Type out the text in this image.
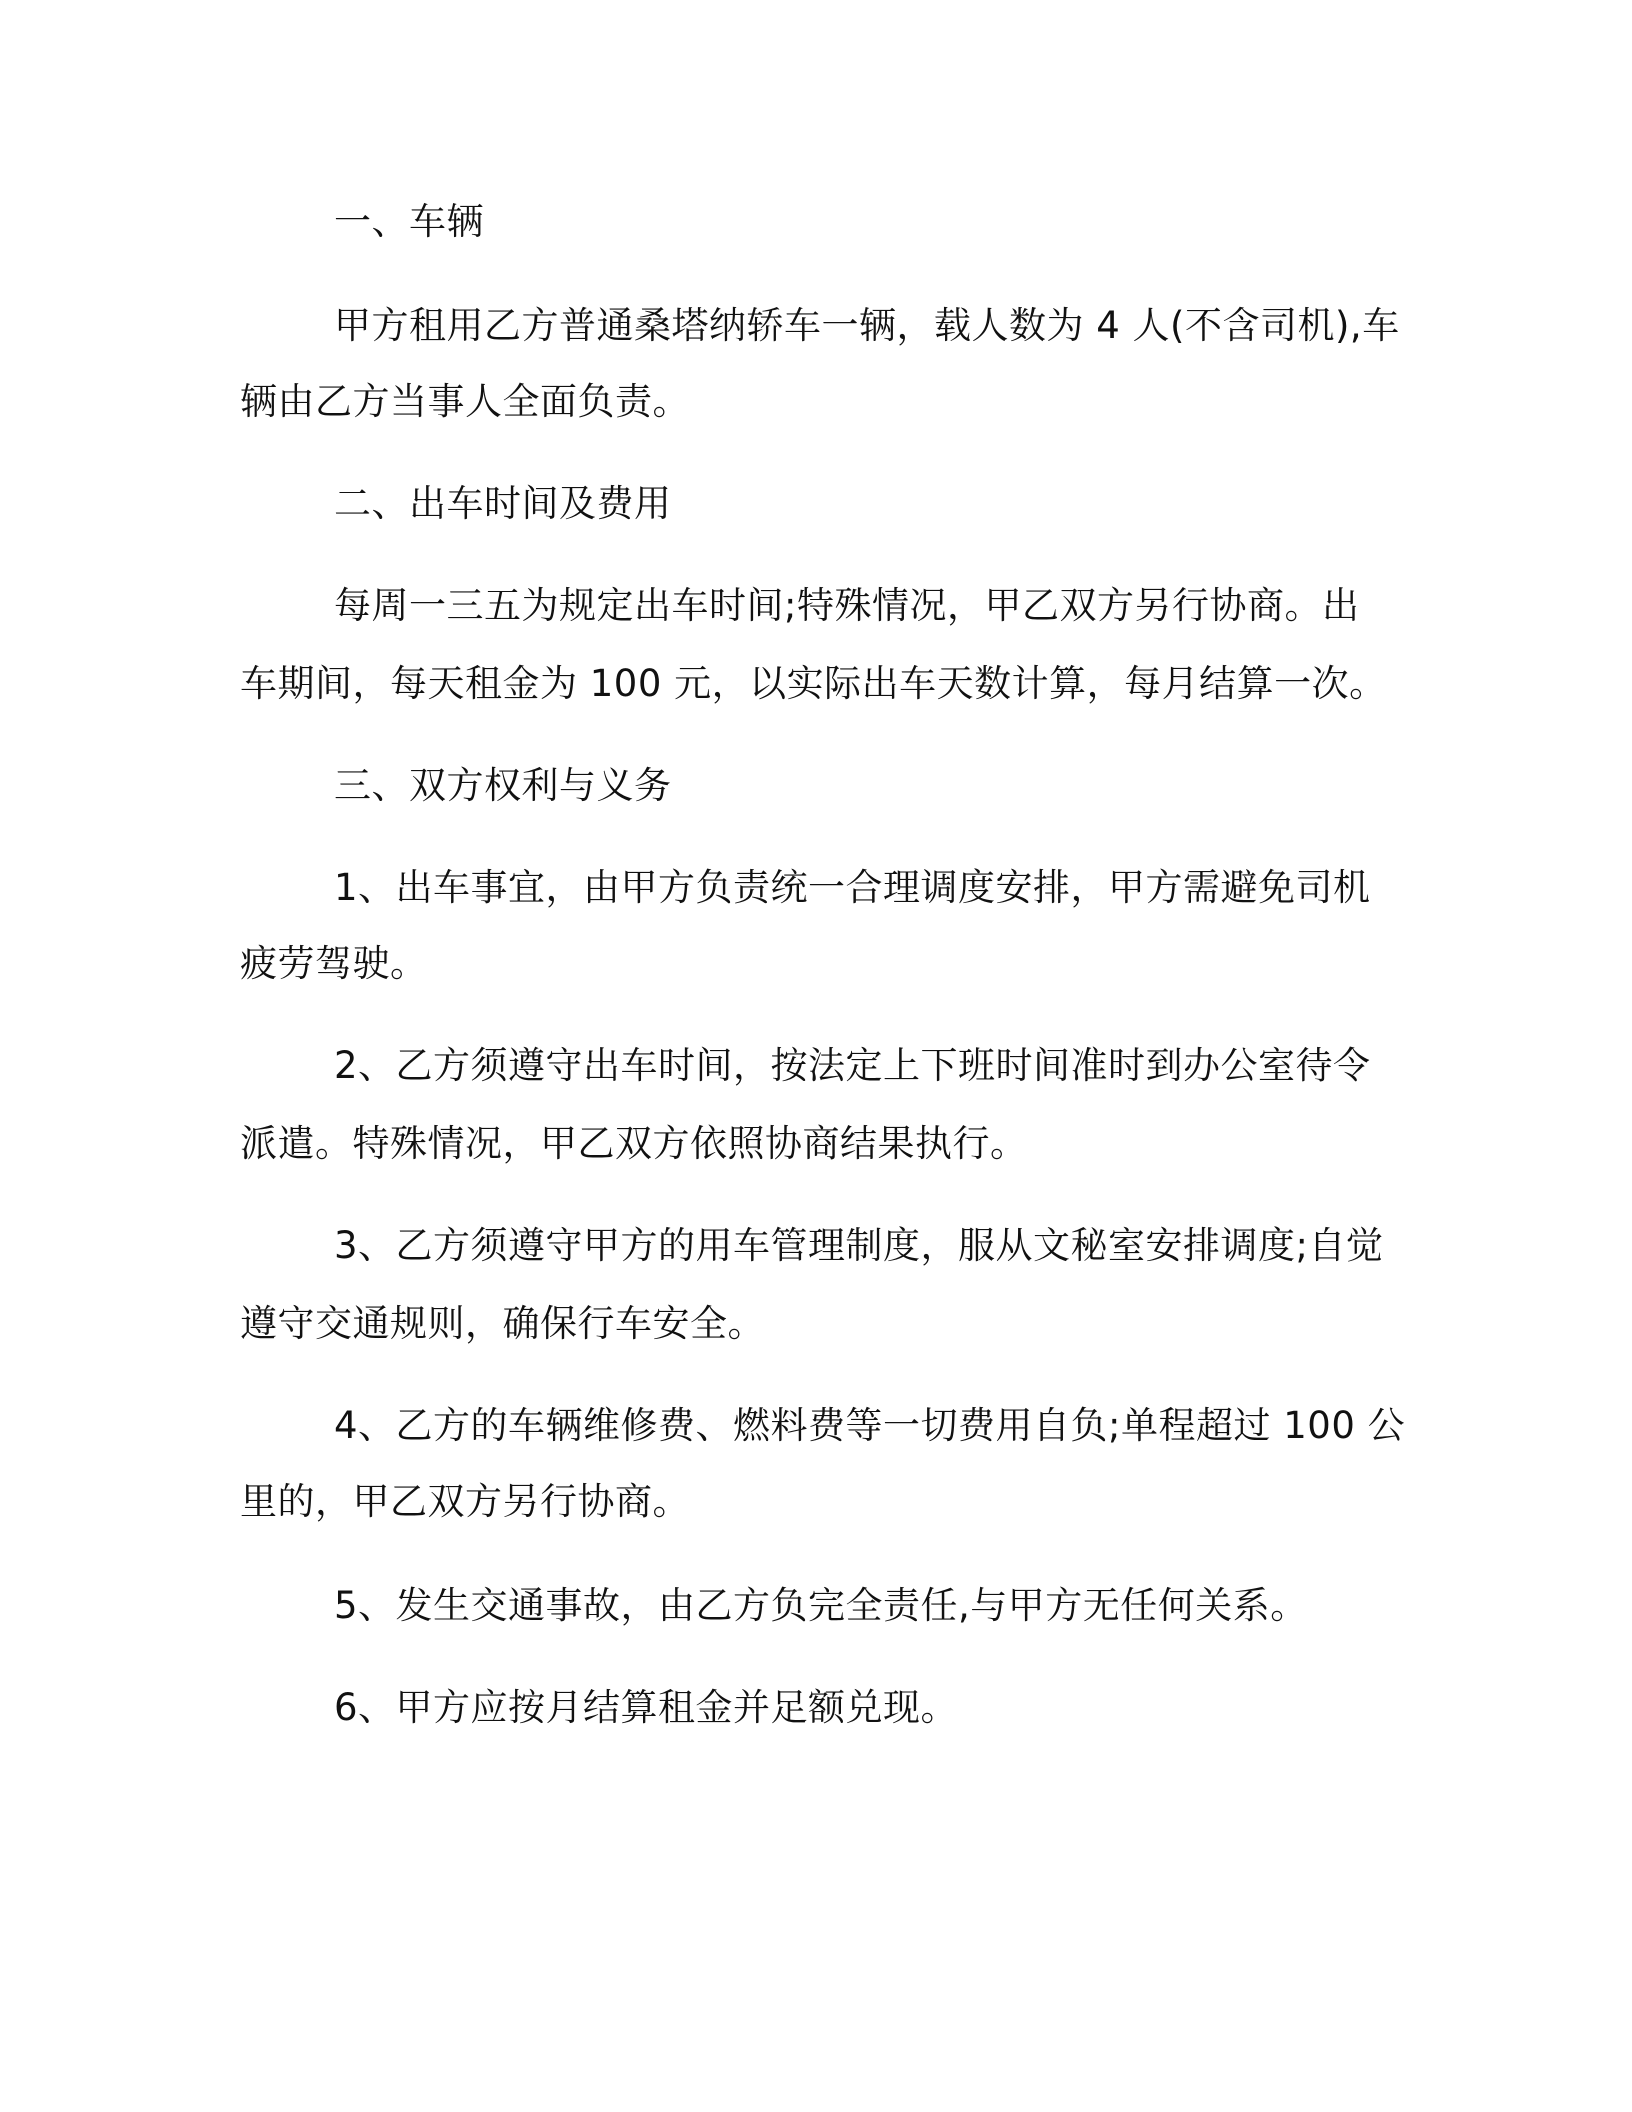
一、车辆
甲方租用乙方普通桑塔纳轿车一辆，载人数为 4 人(不含司机),车
辆由乙方当事人全面负责。
二、出车时间及费用
每周一三五为规定出车时间;特殊情况，甲乙双方另行协商。出
车期间，每天租金为 100 元，以实际出车天数计算，每月结算一次。
三、双方权利与义务
1、出车事宜，由甲方负责统一合理调度安排，甲方需避免司机
疲劳驾驶。
2、乙方须遵守出车时间，按法定上下班时间准时到办公室待令
派遣。特殊情况，甲乙双方依照协商结果执行。
3、乙方须遵守甲方的用车管理制度，服从文秘室安排调度;自觉
遵守交通规则，确保行车安全。
4、乙方的车辆维修费、燃料费等一切费用自负;单程超过 100 公
里的，甲乙双方另行协商。
5、发生交通事故，由乙方负完全责任,与甲方无任何关系。
6、甲方应按月结算租金并足额兑现。
